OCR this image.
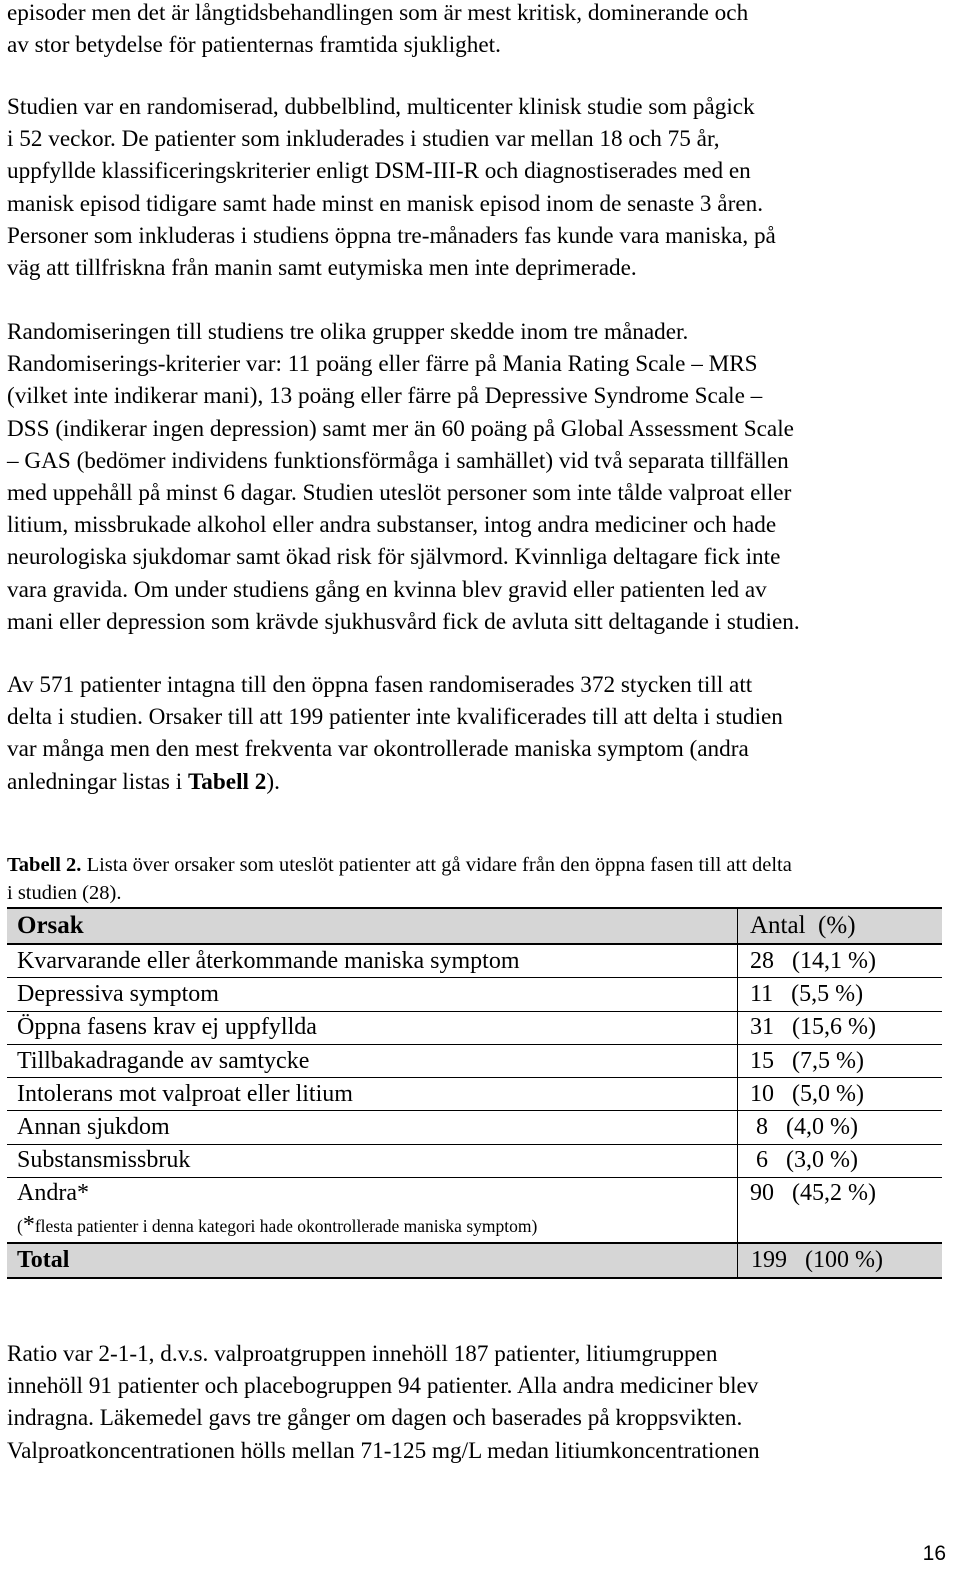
episoder men det är långtidsbehandlingen som är mest kritisk, dominerande och
av stor betydelse för patienternas framtida sjuklighet.

Studien var en randomiserad, dubbelblind, multicenter klinisk studie som pågick
i 52 veckor. De patienter som inkluderades i studien var mellan 18 och 75 år,
uppfyllde klassificeringskriterier enligt DSM-III-R och diagnostiserades med en
manisk episod tidigare samt hade minst en manisk episod inom de senaste 3 åren.
Personer som inkluderas i studiens öppna tre-månaders fas kunde vara maniska, på
väg att tillfriskna från manin samt eutymiska men inte deprimerade.

Randomiseringen till studiens tre olika grupper skedde inom tre månader.
Randomiserings-kriterier var: 11 poäng eller färre på Mania Rating Scale – MRS
(vilket inte indikerar mani), 13 poäng eller färre på Depressive Syndrome Scale –
DSS (indikerar ingen depression) samt mer än 60 poäng på Global Assessment Scale
– GAS (bedömer individens funktionsförmåga i samhället) vid två separata tillfällen
med uppehåll på minst 6 dagar. Studien uteslöt personer som inte tålde valproat eller
litium, missbrukade alkohol eller andra substanser, intog andra mediciner och hade
neurologiska sjukdomar samt ökad risk för självmord. Kvinnliga deltagare fick inte
vara gravida. Om under studiens gång en kvinna blev gravid eller patienten led av
mani eller depression som krävde sjukhusvård fick de avluta sitt deltagande i studien.

Av 571 patienter intagna till den öppna fasen randomiserades 372 stycken till att
delta i studien. Orsaker till att 199 patienter inte kvalificerades till att delta i studien
var många men den mest frekventa var okontrollerade maniska symptom (andra
anledningar listas i Tabell 2).

Tabell 2. Lista över orsaker som uteslöt patienter att gå vidare från den öppna fasen till att delta
i studien (28).

Orsak	Antal  (%)
Kvarvarande eller återkommande maniska symptom	28   (14,1 %)
Depressiva symptom	11   (5,5 %)
Öppna fasens krav ej uppfyllda	31   (15,6 %)
Tillbakadragande av samtycke	15   (7,5 %)
Intolerans mot valproat eller litium	10   (5,0 %)
Annan sjukdom	8   (4,0 %)
Substansmissbruk	6   (3,0 %)
Andra*	90   (45,2 %)
(*flesta patienter i denna kategori hade okontrollerade maniska symptom)	
Total	199   (100 %)

Ratio var 2-1-1, d.v.s. valproatgruppen innehöll 187 patienter, litiumgruppen
innehöll 91 patienter och placebogruppen 94 patienter. Alla andra mediciner blev
indragna. Läkemedel gavs tre gånger om dagen och baserades på kroppsvikten.
Valproatkoncentrationen hölls mellan 71-125 mg/L medan litiumkoncentrationen

16
